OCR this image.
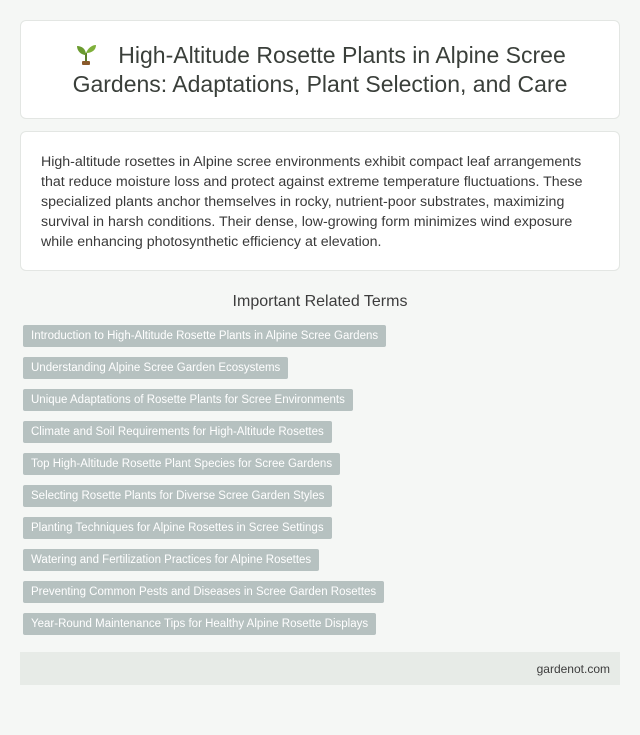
High-Altitude Rosette Plants in Alpine Scree Gardens: Adaptations, Plant Selection, and Care

High-altitude rosettes in Alpine scree environments exhibit compact leaf arrangements that reduce moisture loss and protect against extreme temperature fluctuations. These specialized plants anchor themselves in rocky, nutrient-poor substrates, maximizing survival in harsh conditions. Their dense, low-growing form minimizes wind exposure while enhancing photosynthetic efficiency at elevation.

Important Related Terms
Introduction to High-Altitude Rosette Plants in Alpine Scree Gardens
Understanding Alpine Scree Garden Ecosystems
Unique Adaptations of Rosette Plants for Scree Environments
Climate and Soil Requirements for High-Altitude Rosettes
Top High-Altitude Rosette Plant Species for Scree Gardens
Selecting Rosette Plants for Diverse Scree Garden Styles
Planting Techniques for Alpine Rosettes in Scree Settings
Watering and Fertilization Practices for Alpine Rosettes
Preventing Common Pests and Diseases in Scree Garden Rosettes
Year-Round Maintenance Tips for Healthy Alpine Rosette Displays
gardenot.com
